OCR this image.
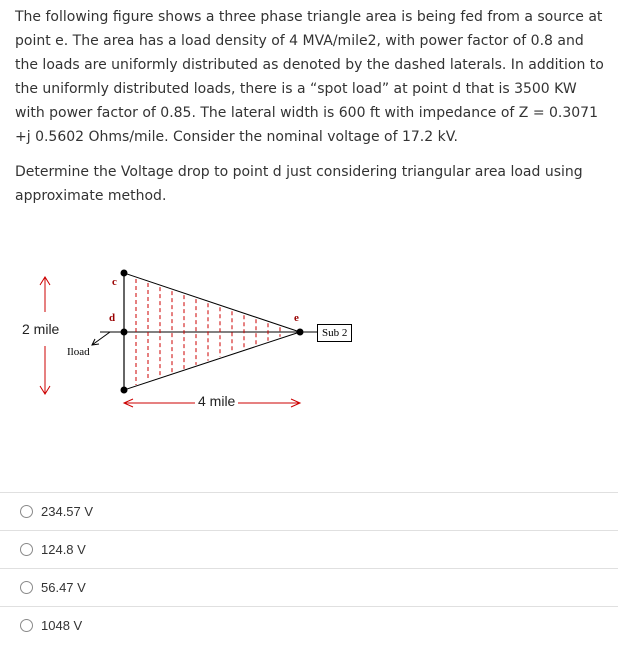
The following figure shows a three phase triangle area is being fed from a source at point e. The area has a load density of 4 MVA/mile2, with power factor of 0.8 and the loads are uniformly distributed as denoted by the dashed laterals. In addition to the uniformly distributed loads, there is a “spot load” at point d that is 3500 KW with power factor of 0.85. The lateral width is 600 ft with impedance of Z = 0.3071 +j 0.5602 Ohms/mile. Consider the nominal voltage of 17.2 kV.

Determine the Voltage drop to point d just considering triangular area load using approximate method.

2 mile
4 mile
Iload
c
d	e
Sub 2
234.57 V
124.8 V
56.47 V
1048 V
